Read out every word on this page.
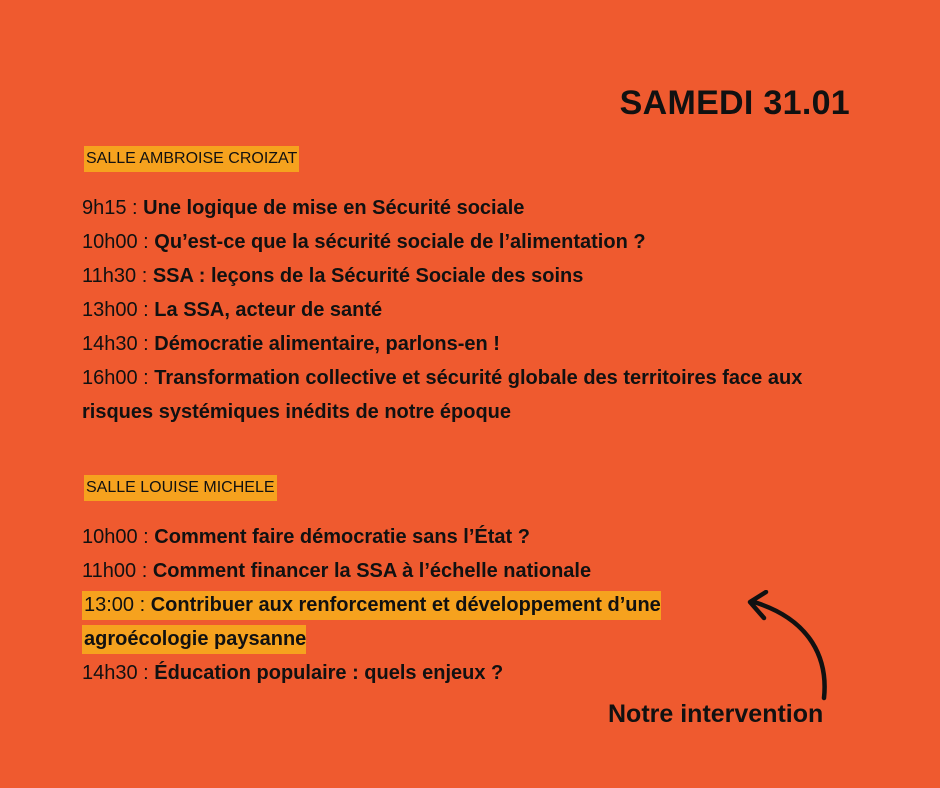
SAMEDI 31.01
SALLE AMBROISE CROIZAT
9h15 : Une logique de mise en Sécurité sociale
10h00 : Qu’est-ce que la sécurité sociale de l’alimentation ?
11h30 : SSA : leçons de la Sécurité Sociale des soins
13h00 : La SSA, acteur de santé
14h30 : Démocratie alimentaire, parlons-en !
16h00 : Transformation collective et sécurité globale des territoires face aux risques systémiques inédits de notre époque
SALLE LOUISE MICHELE
10h00 : Comment faire démocratie sans l’État ?
11h00 : Comment financer la SSA à l’échelle nationale
13:00 : Contribuer aux renforcement et développement d’une agroécologie paysanne
14h30 : Éducation populaire : quels enjeux ?
Notre intervention
